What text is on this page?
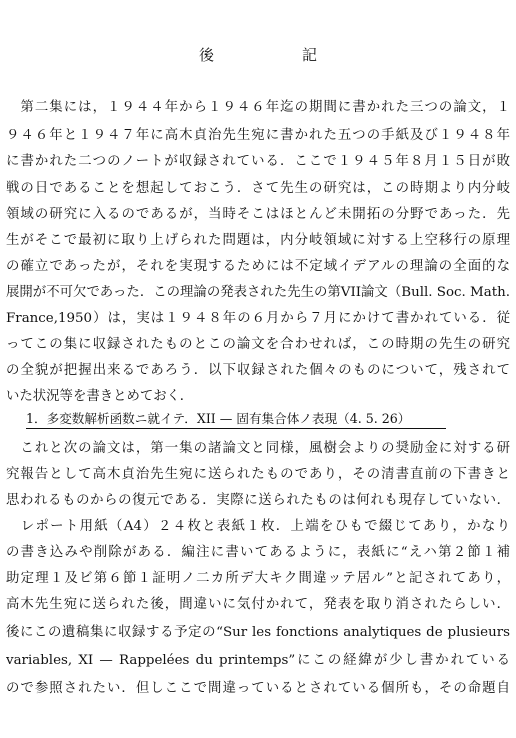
後	記
　第二集には，１９４４年から１９４６年迄の期間に書かれた三つの論文，１
９４６年と１９４７年に高木貞治先生宛に書かれた五つの手紙及び１９４８年
に書かれた二つのノートが収録されている．ここで１９４５年８月１５日が敗
戦の日であることを想起しておこう．さて先生の研究は，この時期より内分岐
領域の研究に入るのであるが，当時そこはほとんど未開拓の分野であった．先
生がそこで最初に取り上げられた問題は，内分岐領域に対する上空移行の原理
の確立であったが，それを実現するためには不定域イデアルの理論の全面的な
展開が不可欠であった．この理論の発表された先生の第VII論文（Bull. Soc. Math.
France,1950）は，実は１９４８年の６月から７月にかけて書かれている．従
ってこの集に収録されたものとこの論文を合わせれば，この時期の先生の研究
の全貌が把握出来るであろう．以下収録された個々のものについて，残されて
いた状況等を書きとめておく．
1．多変数解析函数ニ就イテ．XII — 固有集合体ノ表現（4. 5. 26）
　これと次の論文は，第一集の諸論文と同様，風樹会よりの奨励金に対する研
究報告として高木貞治先生宛に送られたものであり，その清書直前の下書きと
思われるものからの復元である．実際に送られたものは何れも現存していない．
　レポート用紙（A4）２４枚と表紙１枚．上端をひもで綴じてあり，かなり
の書き込みや削除がある．編注に書いてあるように，表紙に“えハ第２節１補
助定理１及ビ第６節１証明ノ二カ所デ大キク間違ッテ居ル”と記されてあり，
高木先生宛に送られた後，間違いに気付かれて，発表を取り消されたらしい．
後にこの遺稿集に収録する予定の“Sur les fonctions analytiques de plusieurs
variables, XI — Rappelées du printemps”にこの経緯が少し書かれている
ので参照されたい．但しここで間違っているとされている個所も，その命題自
